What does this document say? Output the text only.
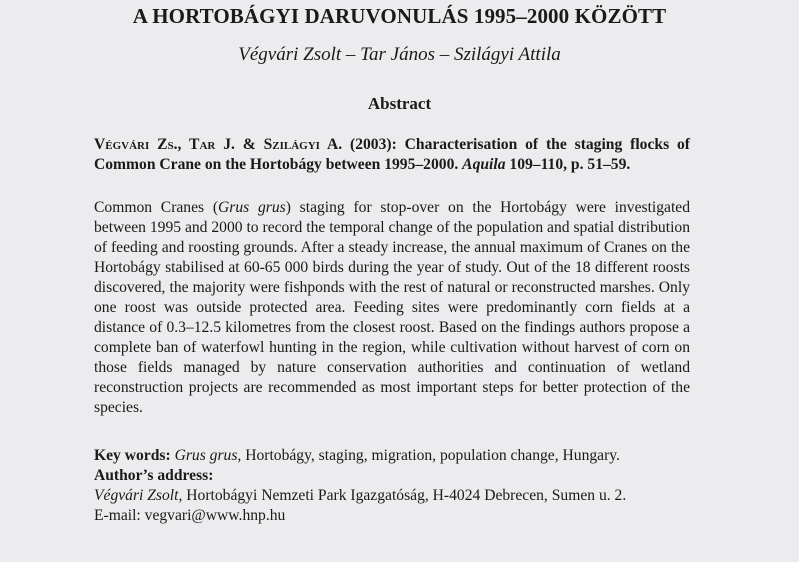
A HORTOBÁGYI DARUVONULÁS 1995–2000 KÖZÖTT
Végvári Zsolt – Tar János – Szilágyi Attila
Abstract
Végvári Zs., Tar J. & Szilágyi A. (2003): Characterisation of the staging flocks of Common Crane on the Hortobágy between 1995–2000. Aquila 109–110, p. 51–59.
Common Cranes (Grus grus) staging for stop-over on the Hortobágy were investigated between 1995 and 2000 to record the temporal change of the population and spatial distribution of feeding and roosting grounds. After a steady increase, the annual maximum of Cranes on the Hortobágy stabilised at 60-65 000 birds during the year of study. Out of the 18 different roosts discovered, the majority were fishponds with the rest of natural or reconstructed marshes. Only one roost was outside protected area. Feeding sites were predominantly corn fields at a distance of 0.3–12.5 kilometres from the closest roost. Based on the findings authors propose a complete ban of waterfowl hunting in the region, while cultivation without harvest of corn on those fields managed by nature conservation authorities and continuation of wetland reconstruction projects are recommended as most important steps for better protection of the species.
Key words: Grus grus, Hortobágy, staging, migration, population change, Hungary.
Author’s address:
Végvári Zsolt, Hortobágyi Nemzeti Park Igazgatóság, H-4024 Debrecen, Sumen u. 2.
E-mail: vegvari@www.hnp.hu
